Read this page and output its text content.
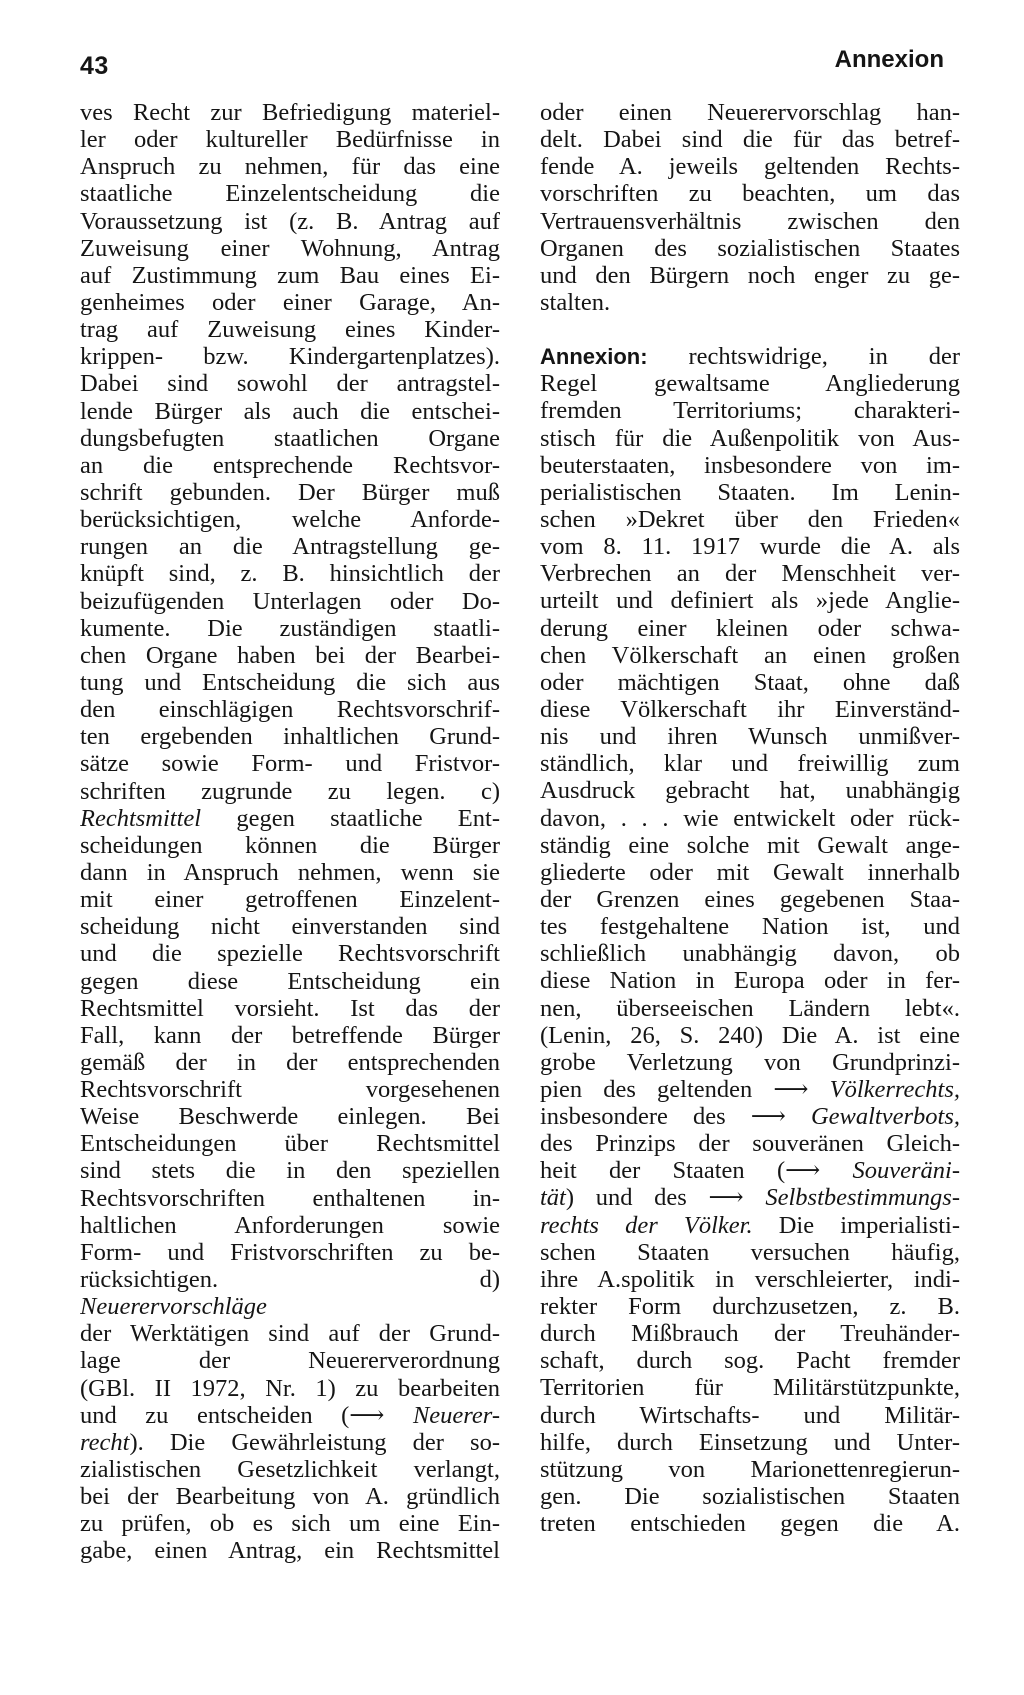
43	Annexion
ves Recht zur Befriedigung materiel-
ler oder kultureller Bedürfnisse in
Anspruch zu nehmen, für das eine
staatliche Einzelentscheidung die
Voraussetzung ist (z. B. Antrag auf
Zuweisung einer Wohnung, Antrag
auf Zustimmung zum Bau eines Ei-
genheimes oder einer Garage, An-
trag auf Zuweisung eines Kinder-
krippen- bzw. Kindergartenplatzes).
Dabei sind sowohl der antragstel-
lende Bürger als auch die entschei-
dungsbefugten staatlichen Organe
an die entsprechende Rechtsvor-
schrift gebunden. Der Bürger muß
berücksichtigen, welche Anforde-
rungen an die Antragstellung ge-
knüpft sind, z. B. hinsichtlich der
beizufügenden Unterlagen oder Do-
kumente. Die zuständigen staatli-
chen Organe haben bei der Bearbei-
tung und Entscheidung die sich aus
den einschlägigen Rechtsvorschrif-
ten ergebenden inhaltlichen Grund-
sätze sowie Form- und Fristvor-
schriften zugrunde zu legen. c)
Rechtsmittel gegen staatliche Ent-
scheidungen können die Bürger
dann in Anspruch nehmen, wenn sie
mit einer getroffenen Einzelent-
scheidung nicht einverstanden sind
und die spezielle Rechtsvorschrift
gegen diese Entscheidung ein
Rechtsmittel vorsieht. Ist das der
Fall, kann der betreffende Bürger
gemäß der in der entsprechenden
Rechtsvorschrift vorgesehenen
Weise Beschwerde einlegen. Bei
Entscheidungen über Rechtsmittel
sind stets die in den speziellen
Rechtsvorschriften enthaltenen in-
haltlichen Anforderungen sowie
Form- und Fristvorschriften zu be-
rücksichtigen. d)
Neuerervorschläge
der Werktätigen sind auf der Grund-
lage der Neuererverordnung
(GBl. II 1972, Nr. 1) zu bearbeiten
und zu entscheiden (⟶ Neuerer-
recht). Die Gewährleistung der so-
zialistischen Gesetzlichkeit verlangt,
bei der Bearbeitung von A. gründlich
zu prüfen, ob es sich um eine Ein-
gabe, einen Antrag, ein Rechtsmittel
oder einen Neuerervorschlag han-
delt. Dabei sind die für das betref-
fende A. jeweils geltenden Rechts-
vorschriften zu beachten, um das
Vertrauensverhältnis zwischen den
Organen des sozialistischen Staates
und den Bürgern noch enger zu ge-
stalten.
Annexion: rechtswidrige, in der
Regel gewaltsame Angliederung
fremden Territoriums; charakteri-
stisch für die Außenpolitik von Aus-
beuterstaaten, insbesondere von im-
perialistischen Staaten. Im Lenin-
schen »Dekret über den Frieden«
vom 8. 11. 1917 wurde die A. als
Verbrechen an der Menschheit ver-
urteilt und definiert als »jede Anglie-
derung einer kleinen oder schwa-
chen Völkerschaft an einen großen
oder mächtigen Staat, ohne daß
diese Völkerschaft ihr Einverständ-
nis und ihren Wunsch unmißver-
ständlich, klar und freiwillig zum
Ausdruck gebracht hat, unabhängig
davon, . . . wie entwickelt oder rück-
ständig eine solche mit Gewalt ange-
gliederte oder mit Gewalt innerhalb
der Grenzen eines gegebenen Staa-
tes festgehaltene Nation ist, und
schließlich unabhängig davon, ob
diese Nation in Europa oder in fer-
nen, überseeischen Ländern lebt«.
(Lenin, 26, S. 240) Die A. ist eine
grobe Verletzung von Grundprinzi-
pien des geltenden ⟶ Völkerrechts,
insbesondere des ⟶ Gewaltverbots,
des Prinzips der souveränen Gleich-
heit der Staaten (⟶ Souveräni-
tät) und des ⟶ Selbstbestimmungs-
rechts der Völker. Die imperialisti-
schen Staaten versuchen häufig,
ihre A.spolitik in verschleierter, indi-
rekter Form durchzusetzen, z. B.
durch Mißbrauch der Treuhänder-
schaft, durch sog. Pacht fremder
Territorien für Militärstützpunkte,
durch Wirtschafts- und Militär-
hilfe, durch Einsetzung und Unter-
stützung von Marionettenregierun-
gen. Die sozialistischen Staaten
treten entschieden gegen die A.
